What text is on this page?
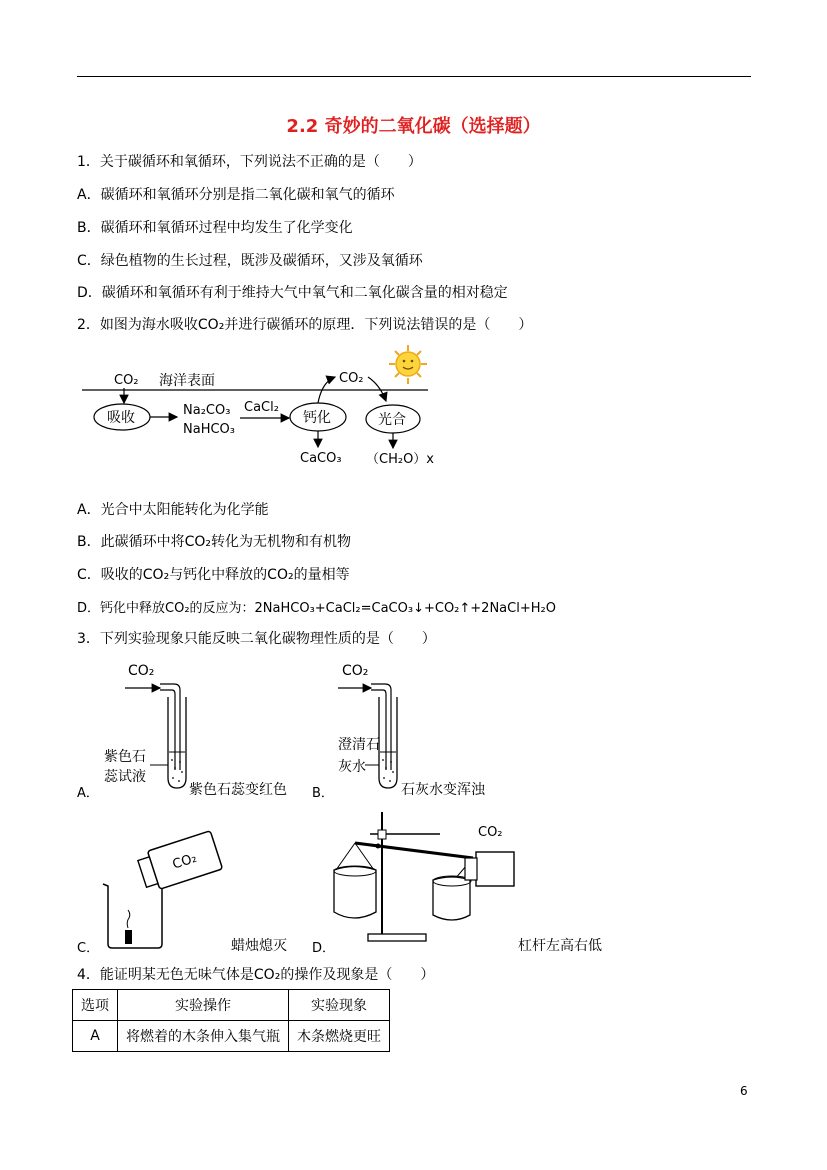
2.2 奇妙的二氧化碳（选择题）
1．关于碳循环和氧循环，下列说法不正确的是（　　）
A．碳循环和氧循环分别是指二氧化碳和氧气的循环
B．碳循环和氧循环过程中均发生了化学变化
C．绿色植物的生长过程，既涉及碳循环，又涉及氧循环
D．碳循环和氧循环有利于维持大气中氧气和二氧化碳含量的相对稳定
2．如图为海水吸收CO₂并进行碳循环的原理．下列说法错误的是（　　）
CO₂ 海洋表面
吸收	Na₂CO₃
NaHCO₃
CaCl₂
钙化
CaCO₃
CO₂
光合
（CH₂O）x
A．光合中太阳能转化为化学能
B．此碳循环中将CO₂转化为无机物和有机物
C．吸收的CO₂与钙化中释放的CO₂的量相等
D．钙化中释放CO₂的反应为：2NaHCO₃+CaCl₂=CaCO₃↓+CO₂↑+2NaCl+H₂O
3．下列实验现象只能反映二氧化碳物理性质的是（　　）
CO₂
紫色石
蕊试液
CO₂
澄清石
灰水
CO₂
CO₂
A．	紫色石蕊变红色 B．	石灰水变浑浊
C．	蜡烛熄灭 D．	杠杆左高右低
4．能证明某无色无味气体是CO₂的操作及现象是（　　）
选项	实验操作	实验现象
A	将燃着的木条伸入集气瓶	木条燃烧更旺
6
